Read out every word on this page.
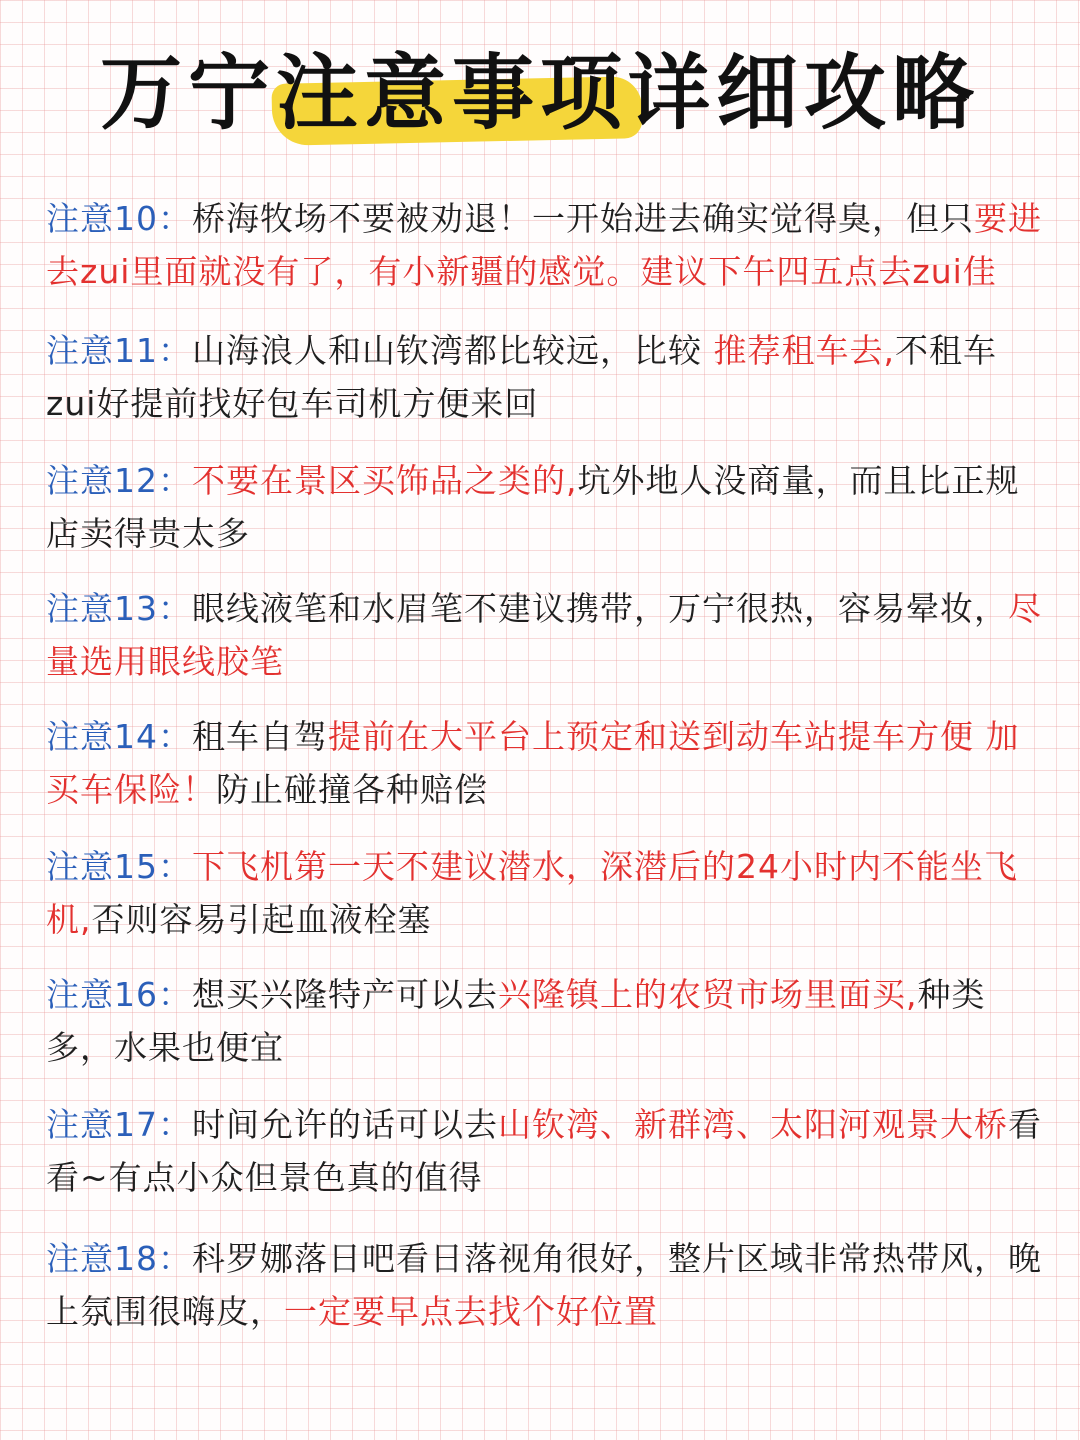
万宁注意事项详细攻略

注意10：桥海牧场不要被劝退！一开始进去确实觉得臭，但只要进去zui里面就没有了，有小新疆的感觉。建议下午四五点去zui佳

注意11：山海浪人和山钦湾都比较远，比较 推荐租车去,不租车zui好提前找好包车司机方便来回

注意12：不要在景区买饰品之类的,坑外地人没商量，而且比正规店卖得贵太多

注意13：眼线液笔和水眉笔不建议携带，万宁很热，容易晕妆，尽量选用眼线胶笔

注意14：租车自驾提前在大平台上预定和送到动车站提车方便 加买车保险！防止碰撞各种赔偿

注意15：下飞机第一天不建议潜水，深潜后的24小时内不能坐飞机,否则容易引起血液栓塞

注意16：想买兴隆特产可以去兴隆镇上的农贸市场里面买,种类多，水果也便宜

注意17：时间允许的话可以去山钦湾、新群湾、太阳河观景大桥看看~有点小众但景色真的值得

注意18：科罗娜落日吧看日落视角很好，整片区域非常热带风，晚上氛围很嗨皮，一定要早点去找个好位置
